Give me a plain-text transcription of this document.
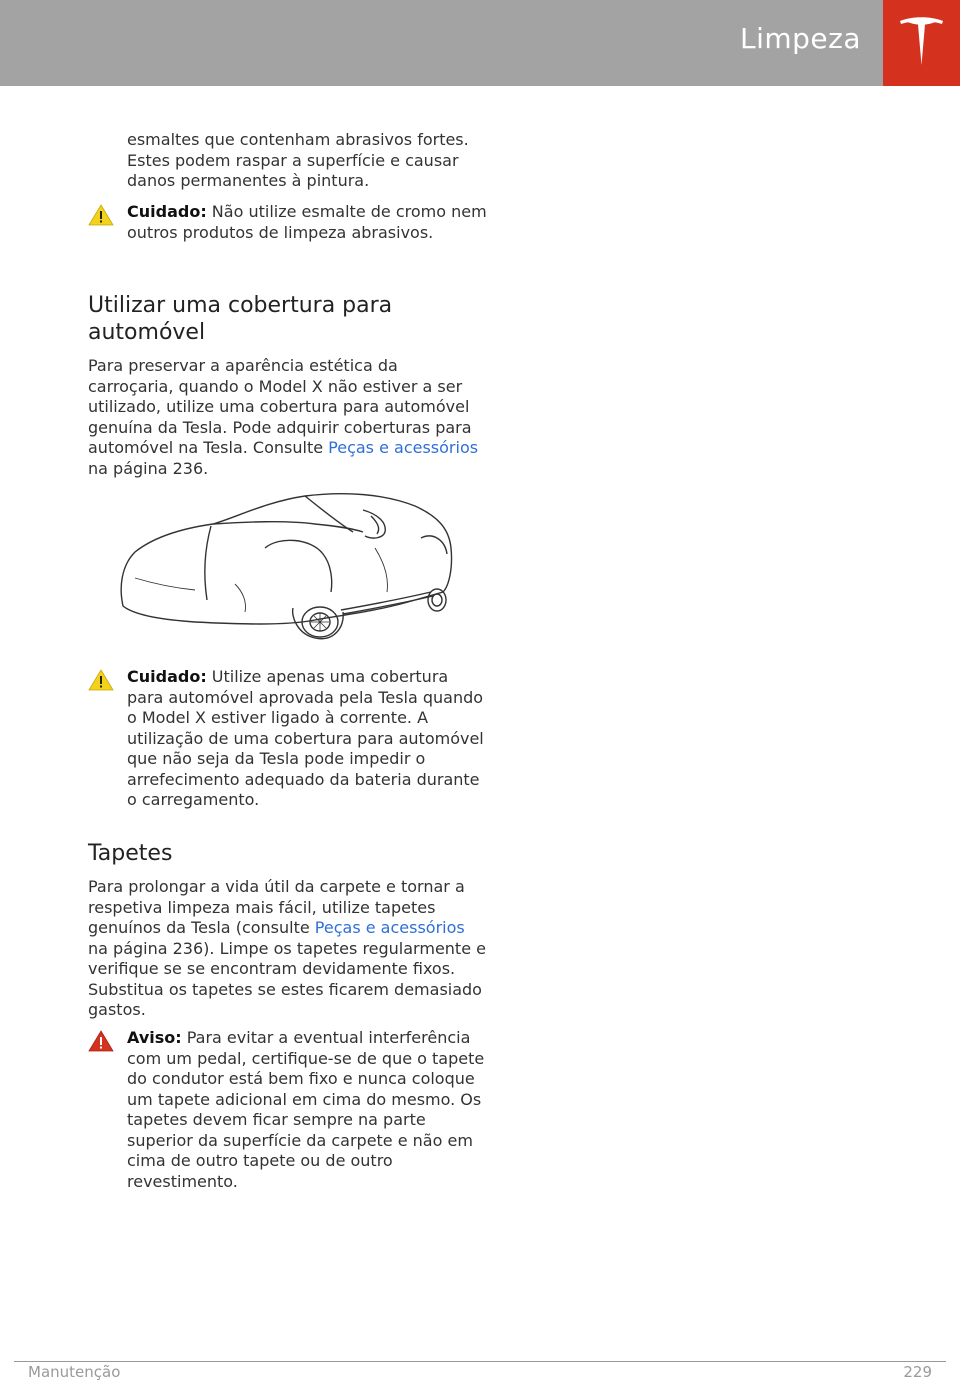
Limpeza

esmaltes que contenham abrasivos fortes. Estes podem raspar a superfície e causar danos permanentes à pintura.

Cuidado: Não utilize esmalte de cromo nem outros produtos de limpeza abrasivos.
Utilizar uma cobertura para automóvel

Para preservar a aparência estética da carroçaria, quando o Model X não estiver a ser utilizado, utilize uma cobertura para automóvel genuína da Tesla. Pode adquirir coberturas para automóvel na Tesla. Consulte Peças e acessórios na página 236.

Cuidado: Utilize apenas uma cobertura para automóvel aprovada pela Tesla quando o Model X estiver ligado à corrente. A utilização de uma cobertura para automóvel que não seja da Tesla pode impedir o arrefecimento adequado da bateria durante o carregamento.
Tapetes

Para prolongar a vida útil da carpete e tornar a respetiva limpeza mais fácil, utilize tapetes genuínos da Tesla (consulte Peças e acessórios na página 236). Limpe os tapetes regularmente e verifique se se encontram devidamente fixos. Substitua os tapetes se estes ficarem demasiado gastos.

Aviso: Para evitar a eventual interferência com um pedal, certifique-se de que o tapete do condutor está bem fixo e nunca coloque um tapete adicional em cima do mesmo. Os tapetes devem ficar sempre na parte superior da superfície da carpete e não em cima de outro tapete ou de outro revestimento.
Manutenção	229
